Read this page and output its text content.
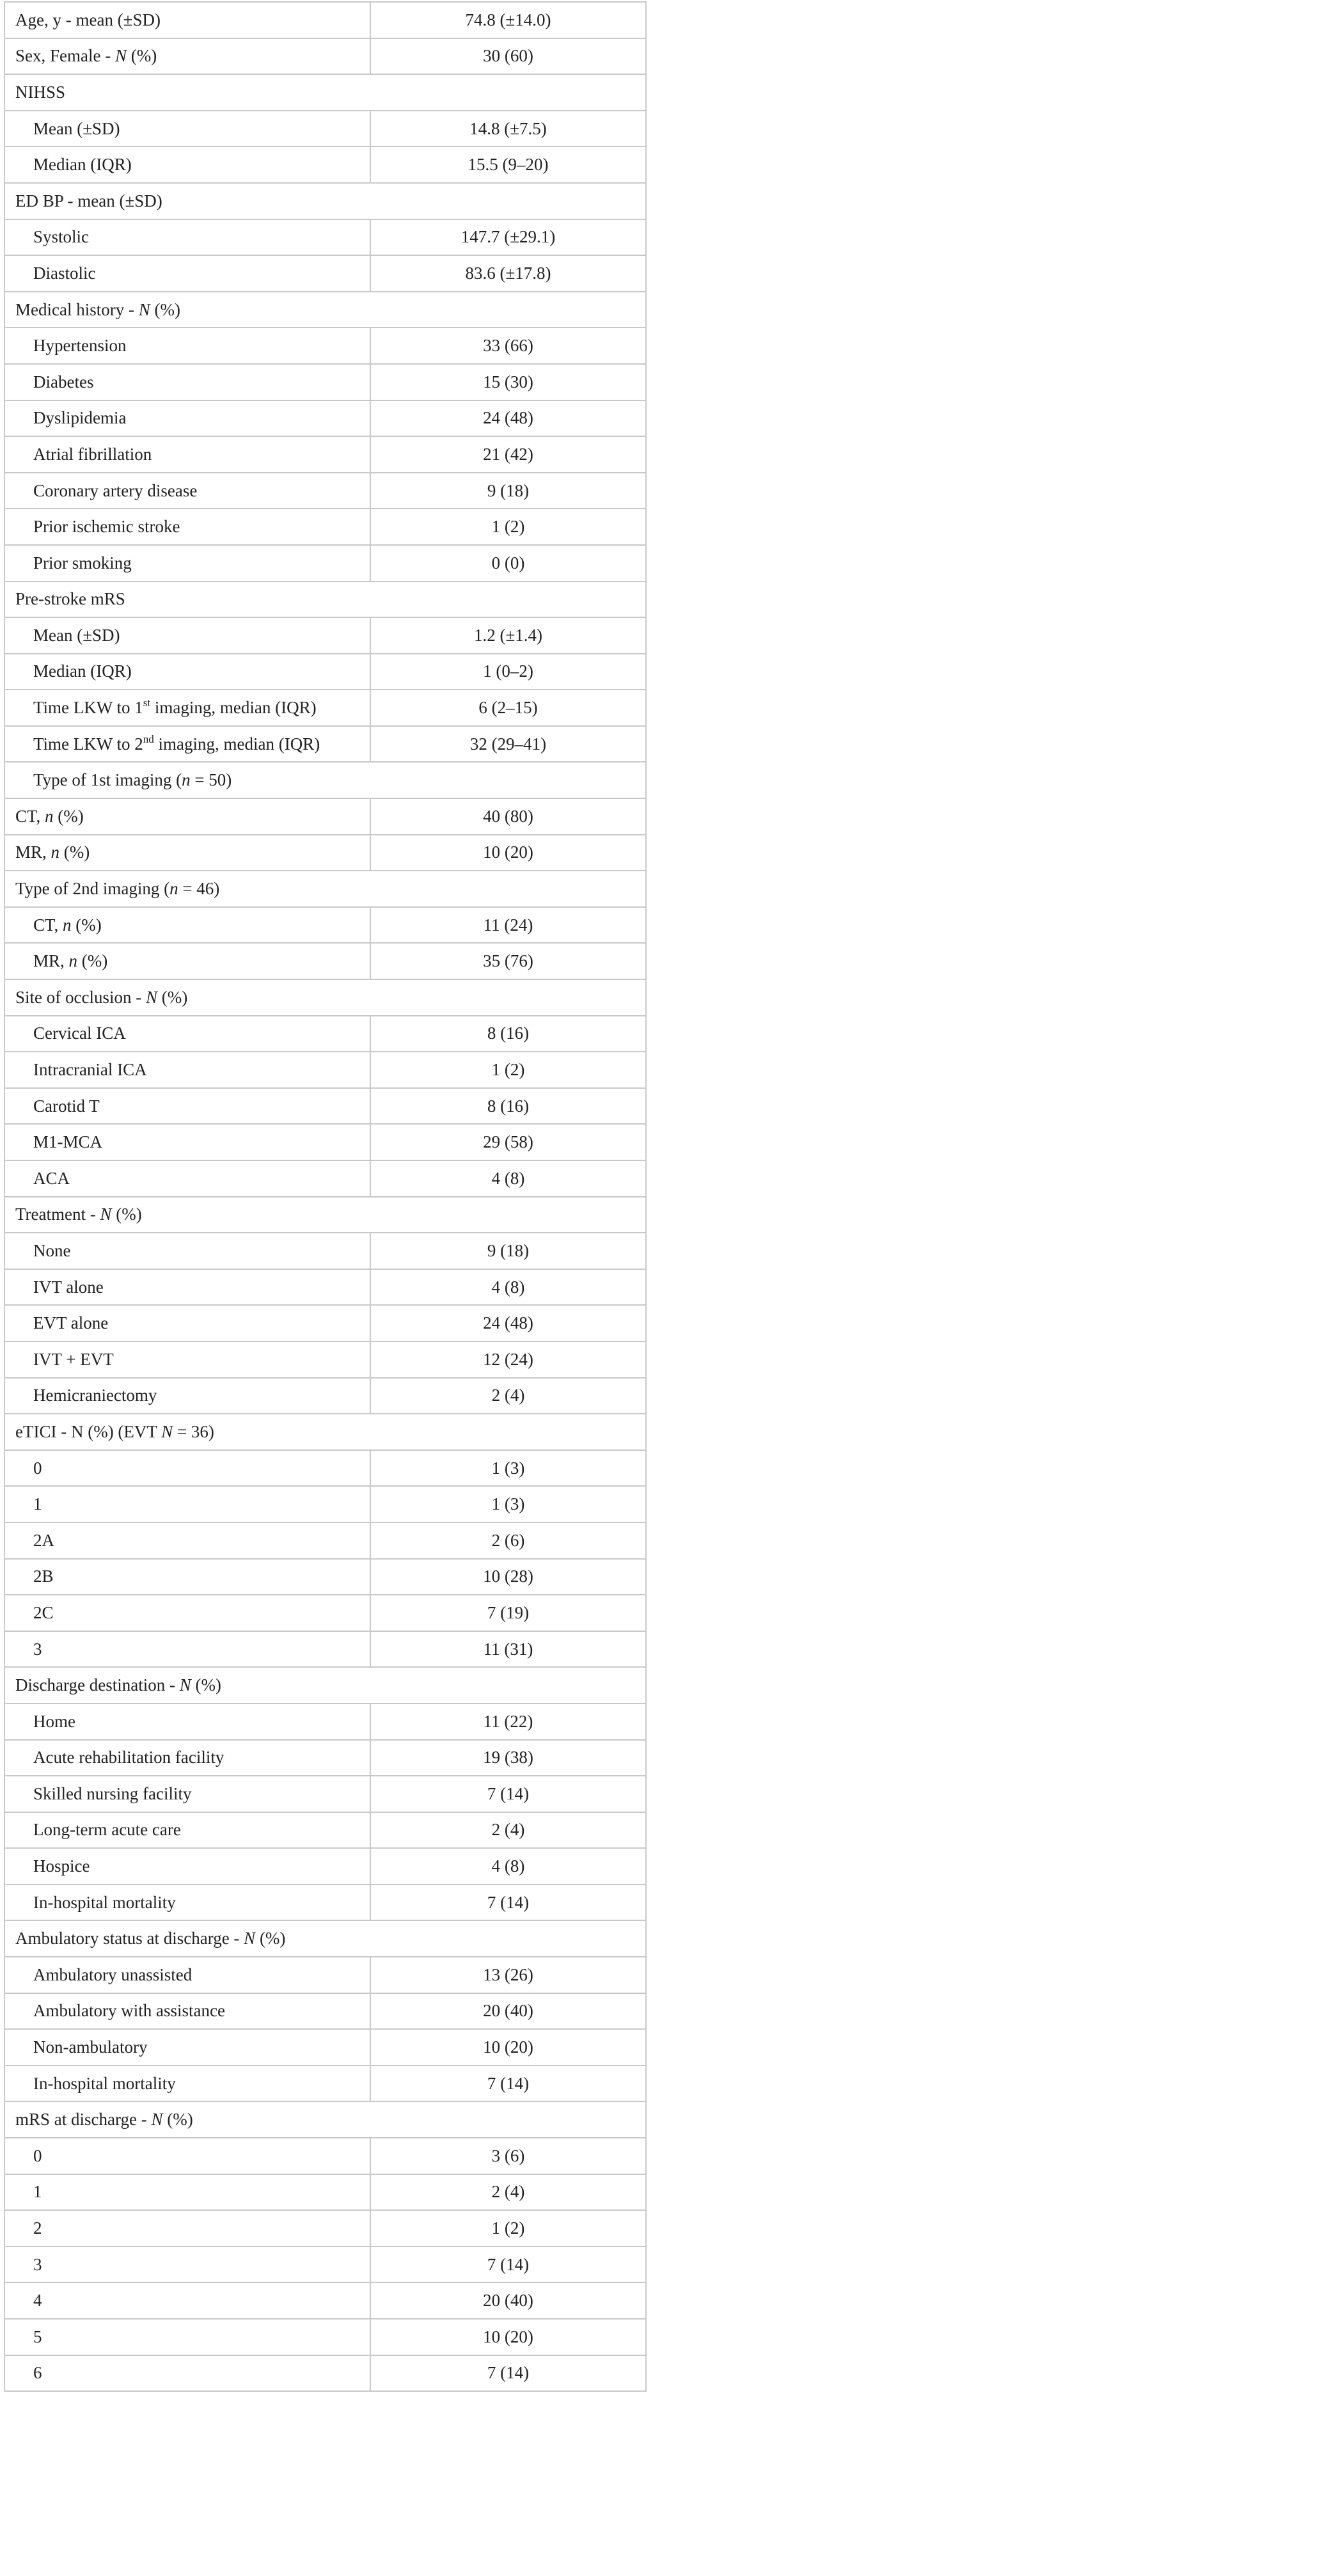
Age, y - mean (±SD)	74.8 (±14.0)
Sex, Female - N (%)	30 (60)
NIHSS	
Mean (±SD)	14.8 (±7.5)
Median (IQR)	15.5 (9–20)
ED BP - mean (±SD)	
Systolic	147.7 (±29.1)
Diastolic	83.6 (±17.8)
Medical history - N (%)	
Hypertension	33 (66)
Diabetes	15 (30)
Dyslipidemia	24 (48)
Atrial fibrillation	21 (42)
Coronary artery disease	9 (18)
Prior ischemic stroke	1 (2)
Prior smoking	0 (0)
Pre-stroke mRS	
Mean (±SD)	1.2 (±1.4)
Median (IQR)	1 (0–2)
Time LKW to 1st imaging, median (IQR)	6 (2–15)
Time LKW to 2nd imaging, median (IQR)	32 (29–41)
Type of 1st imaging (n = 50)	
CT, n (%)	40 (80)
MR, n (%)	10 (20)
Type of 2nd imaging (n = 46)	
CT, n (%)	11 (24)
MR, n (%)	35 (76)
Site of occlusion - N (%)	
Cervical ICA	8 (16)
Intracranial ICA	1 (2)
Carotid T	8 (16)
M1-MCA	29 (58)
ACA	4 (8)
Treatment - N (%)	
None	9 (18)
IVT alone	4 (8)
EVT alone	24 (48)
IVT + EVT	12 (24)
Hemicraniectomy	2 (4)
eTICI - N (%) (EVT N = 36)	
0	1 (3)
1	1 (3)
2A	2 (6)
2B	10 (28)
2C	7 (19)
3	11 (31)
Discharge destination - N (%)	
Home	11 (22)
Acute rehabilitation facility	19 (38)
Skilled nursing facility	7 (14)
Long-term acute care	2 (4)
Hospice	4 (8)
In-hospital mortality	7 (14)
Ambulatory status at discharge - N (%)	
Ambulatory unassisted	13 (26)
Ambulatory with assistance	20 (40)
Non-ambulatory	10 (20)
In-hospital mortality	7 (14)
mRS at discharge - N (%)	
0	3 (6)
1	2 (4)
2	1 (2)
3	7 (14)
4	20 (40)
5	10 (20)
6	7 (14)
